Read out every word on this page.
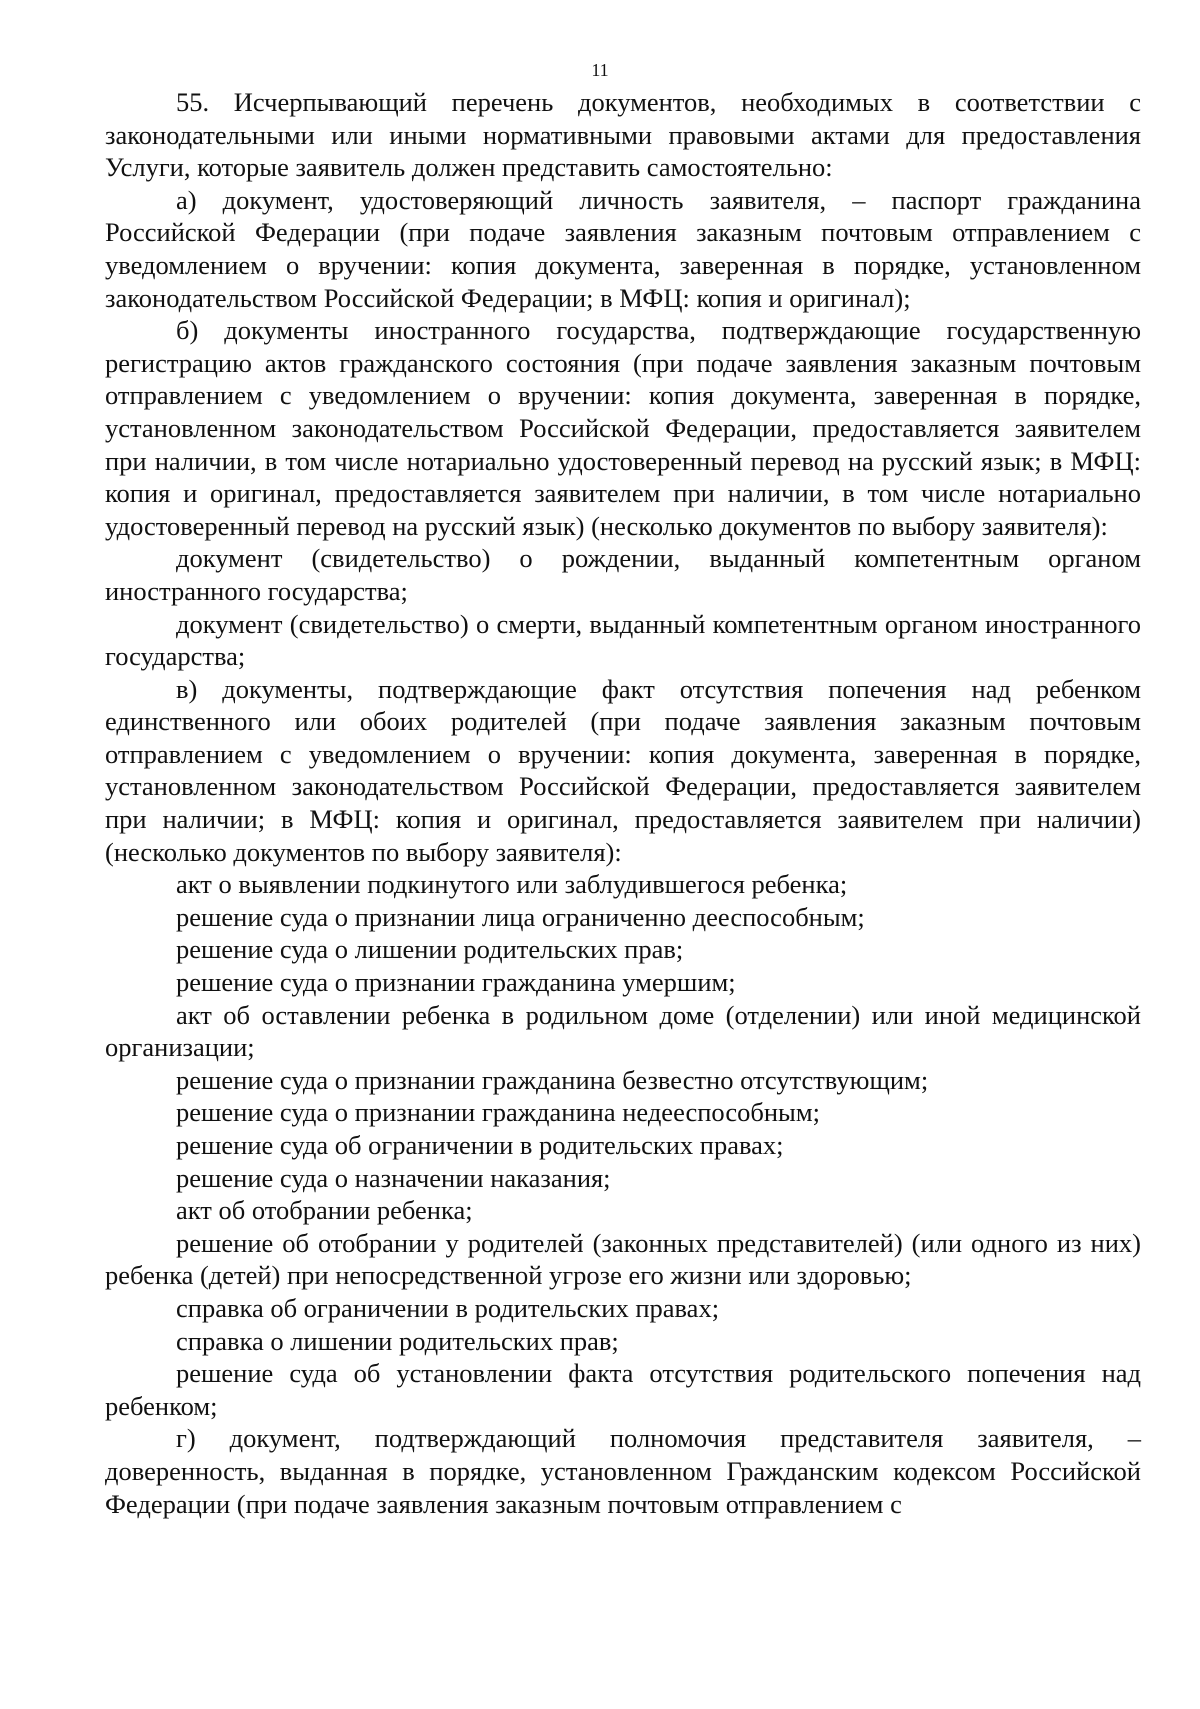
11

55. Исчерпывающий перечень документов, необходимых в соответствии с законодательными или иными нормативными правовыми актами для предоставления Услуги, которые заявитель должен представить самостоятельно:

а) документ, удостоверяющий личность заявителя, – паспорт гражданина Российской Федерации (при подаче заявления заказным почтовым отправлением с уведомлением о вручении: копия документа, заверенная в порядке, установленном законодательством Российской Федерации; в МФЦ: копия и оригинал);

б) документы иностранного государства, подтверждающие государственную регистрацию актов гражданского состояния (при подаче заявления заказным почтовым отправлением с уведомлением о вручении: копия документа, заверенная в порядке, установленном законодательством Российской Федерации, предоставляется заявителем при наличии, в том числе нотариально удостоверенный перевод на русский язык; в МФЦ: копия и оригинал, предоставляется заявителем при наличии, в том числе нотариально удостоверенный перевод на русский язык) (несколько документов по выбору заявителя):

документ (свидетельство) о рождении, выданный компетентным органом иностранного государства;

документ (свидетельство) о смерти, выданный компетентным органом иностранного государства;

в) документы, подтверждающие факт отсутствия попечения над ребенком единственного или обоих родителей (при подаче заявления заказным почтовым отправлением с уведомлением о вручении: копия документа, заверенная в порядке, установленном законодательством Российской Федерации, предоставляется заявителем при наличии; в МФЦ: копия и оригинал, предоставляется заявителем при наличии) (несколько документов по выбору заявителя):

акт о выявлении подкинутого или заблудившегося ребенка;

решение суда о признании лица ограниченно дееспособным;

решение суда о лишении родительских прав;

решение суда о признании гражданина умершим;

акт об оставлении ребенка в родильном доме (отделении) или иной медицинской организации;

решение суда о признании гражданина безвестно отсутствующим;

решение суда о признании гражданина недееспособным;

решение суда об ограничении в родительских правах;

решение суда о назначении наказания;

акт об отобрании ребенка;

решение об отобрании у родителей (законных представителей) (или одного из них) ребенка (детей) при непосредственной угрозе его жизни или здоровью;

справка об ограничении в родительских правах;

справка о лишении родительских прав;

решение суда об установлении факта отсутствия родительского попечения над ребенком;

г) документ, подтверждающий полномочия представителя заявителя, – доверенность, выданная в порядке, установленном Гражданским кодексом Российской Федерации (при подаче заявления заказным почтовым отправлением с
